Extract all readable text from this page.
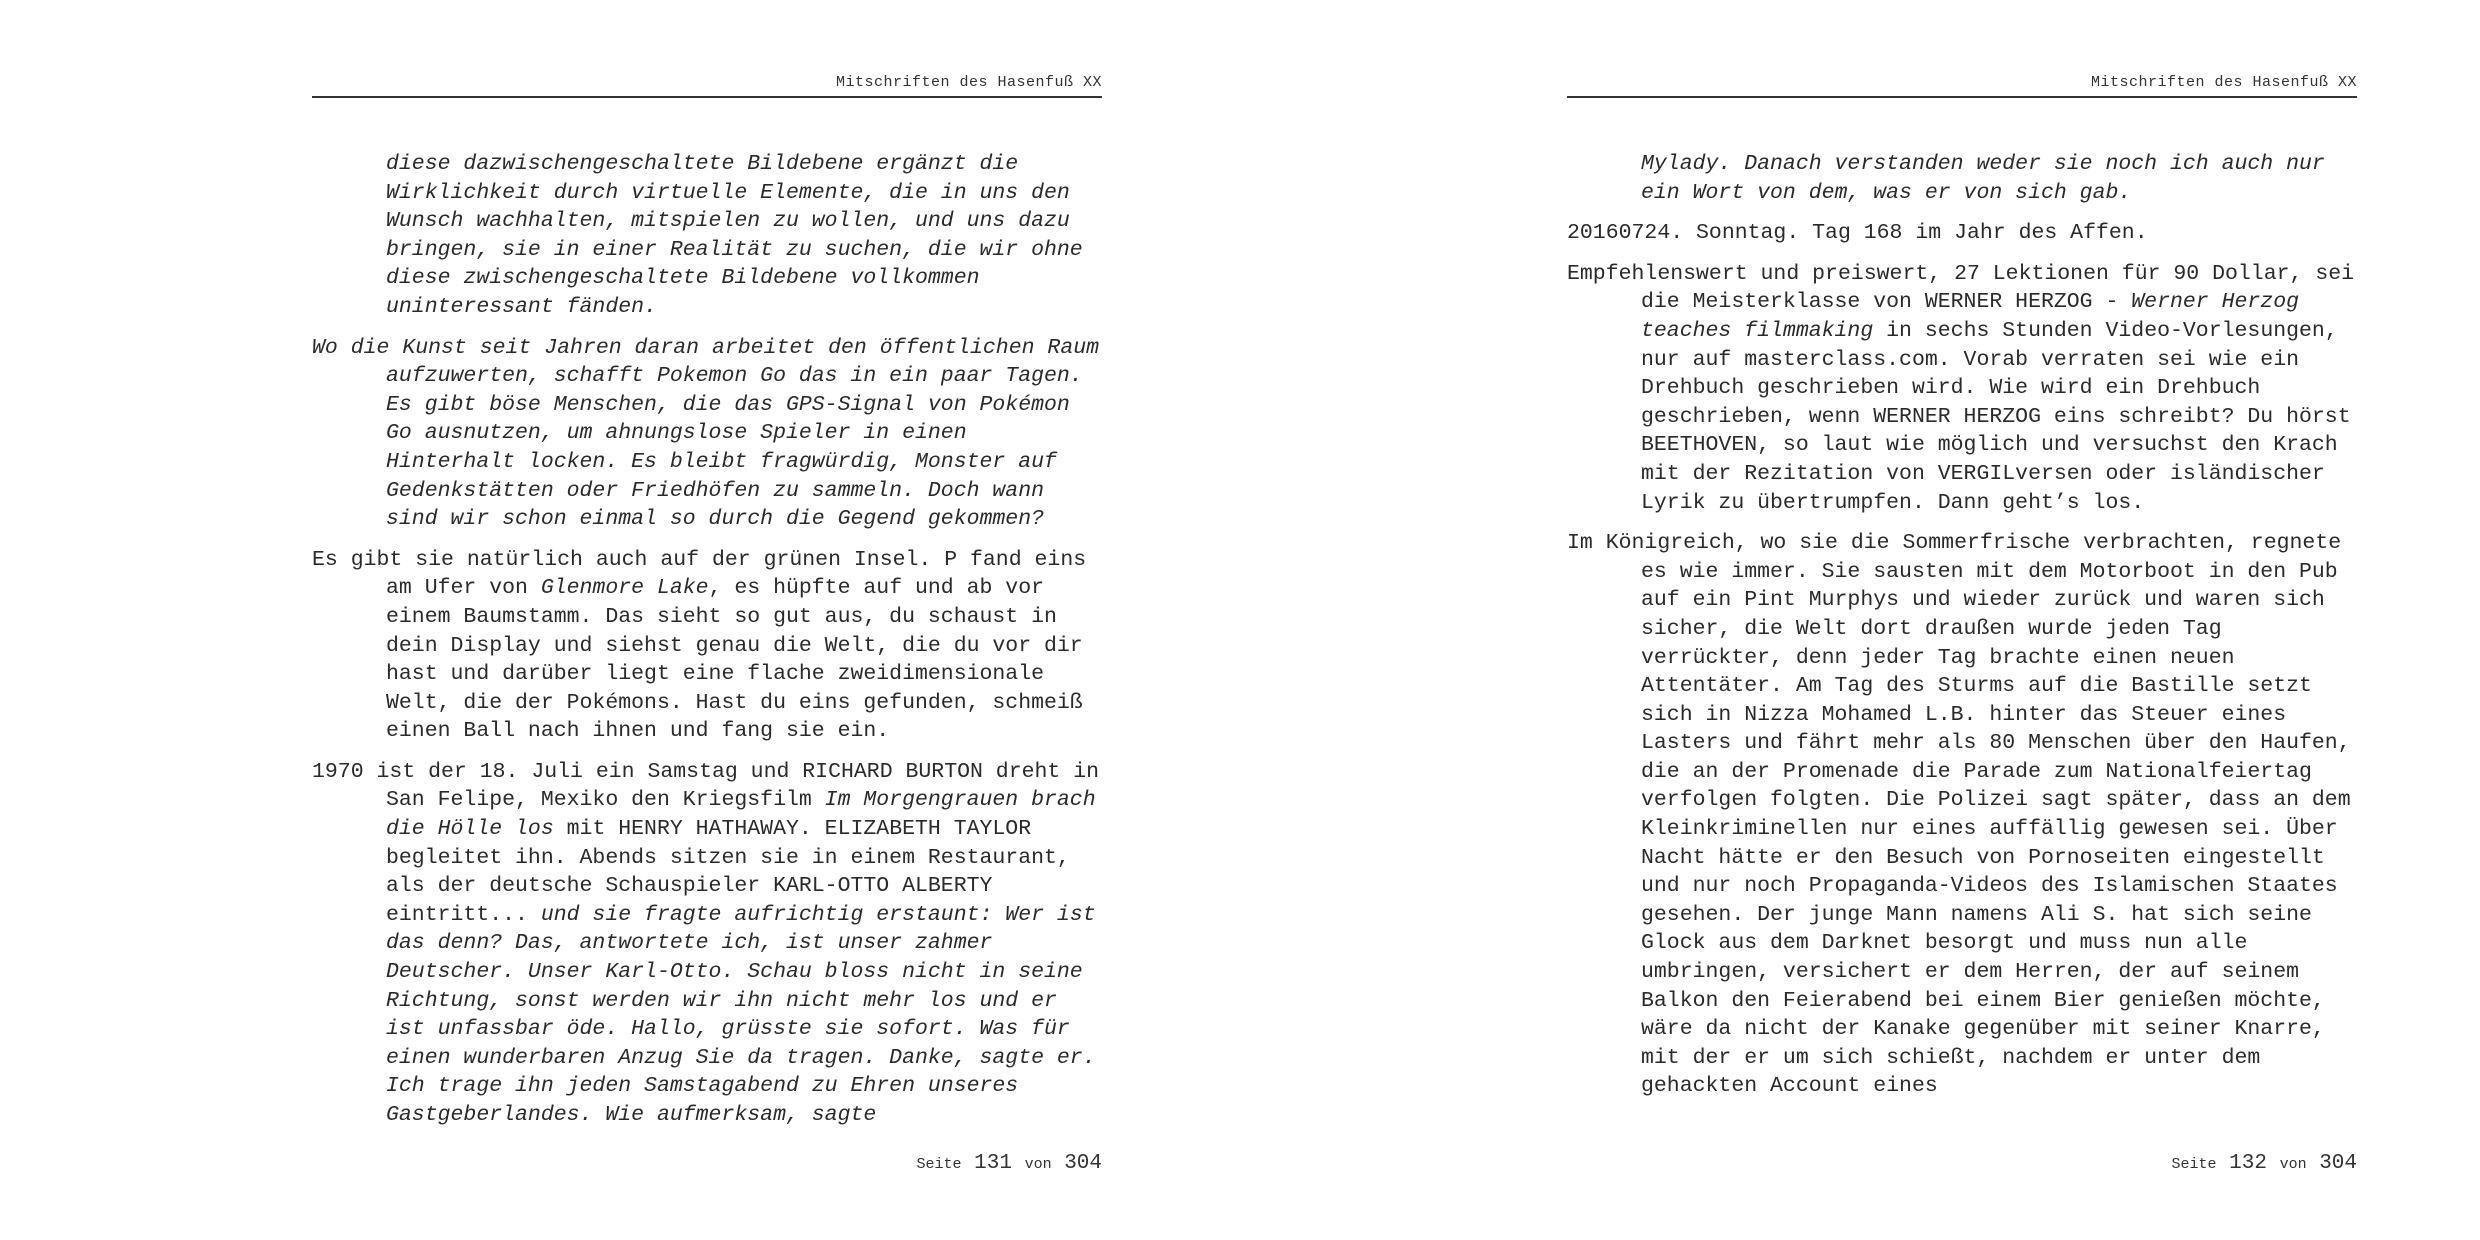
Mitschriften des Hasenfuß XX

diese dazwischengeschaltete Bildebene ergänzt die Wirklichkeit durch virtuelle Elemente, die in uns den Wunsch wachhalten, mitspielen zu wollen, und uns dazu bringen, sie in einer Realität zu suchen, die wir ohne diese zwischengeschaltete Bildebene vollkommen uninteressant fänden.

Wo die Kunst seit Jahren daran arbeitet den öffentlichen Raum aufzuwerten, schafft Pokemon Go das in ein paar Tagen. Es gibt böse Menschen, die das GPS-Signal von Pokémon Go ausnutzen, um ahnungslose Spieler in einen Hinterhalt locken. Es bleibt fragwürdig, Monster auf Gedenkstätten oder Friedhöfen zu sammeln. Doch wann sind wir schon einmal so durch die Gegend gekommen?

Es gibt sie natürlich auch auf der grünen Insel. P fand eins am Ufer von Glenmore Lake, es hüpfte auf und ab vor einem Baumstamm. Das sieht so gut aus, du schaust in dein Display und siehst genau die Welt, die du vor dir hast und darüber liegt eine flache zweidimensionale Welt, die der Pokémons. Hast du eins gefunden, schmeiß einen Ball nach ihnen und fang sie ein.

1970 ist der 18. Juli ein Samstag und RICHARD BURTON dreht in San Felipe, Mexiko den Kriegsfilm Im Morgengrauen brach die Hölle los mit HENRY HATHAWAY. ELIZABETH TAYLOR begleitet ihn. Abends sitzen sie in einem Restaurant, als der deutsche Schauspieler KARL-OTTO ALBERTY eintritt... und sie fragte aufrichtig erstaunt: Wer ist das denn? Das, antwortete ich, ist unser zahmer Deutscher. Unser Karl-Otto. Schau bloss nicht in seine Richtung, sonst werden wir ihn nicht mehr los und er ist unfassbar öde. Hallo, grüsste sie sofort. Was für einen wunderbaren Anzug Sie da tragen. Danke, sagte er. Ich trage ihn jeden Samstagabend zu Ehren unseres Gastgeberlandes. Wie aufmerksam, sagte

Seite 131 von 304
Mitschriften des Hasenfuß XX

Mylady. Danach verstanden weder sie noch ich auch nur ein Wort von dem, was er von sich gab.

20160724. Sonntag. Tag 168 im Jahr des Affen.

Empfehlenswert und preiswert, 27 Lektionen für 90 Dollar, sei die Meisterklasse von WERNER HERZOG - Werner Herzog teaches filmmaking in sechs Stunden Video-Vorlesungen, nur auf masterclass.com. Vorab verraten sei wie ein Drehbuch geschrieben wird. Wie wird ein Drehbuch geschrieben, wenn WERNER HERZOG eins schreibt? Du hörst BEETHOVEN, so laut wie möglich und versuchst den Krach mit der Rezitation von VERGILversen oder isländischer Lyrik zu übertrumpfen. Dann geht’s los.

Im Königreich, wo sie die Sommerfrische verbrachten, regnete es wie immer. Sie sausten mit dem Motorboot in den Pub auf ein Pint Murphys und wieder zurück und waren sich sicher, die Welt dort draußen wurde jeden Tag verrückter, denn jeder Tag brachte einen neuen Attentäter. Am Tag des Sturms auf die Bastille setzt sich in Nizza Mohamed L.B. hinter das Steuer eines Lasters und fährt mehr als 80 Menschen über den Haufen, die an der Promenade die Parade zum Nationalfeiertag verfolgen folgten. Die Polizei sagt später, dass an dem Kleinkriminellen nur eines auffällig gewesen sei. Über Nacht hätte er den Besuch von Pornoseiten eingestellt und nur noch Propaganda-Videos des Islamischen Staates gesehen. Der junge Mann namens Ali S. hat sich seine Glock aus dem Darknet besorgt und muss nun alle umbringen, versichert er dem Herren, der auf seinem Balkon den Feierabend bei einem Bier genießen möchte, wäre da nicht der Kanake gegenüber mit seiner Knarre, mit der er um sich schießt, nachdem er unter dem gehackten Account eines

Seite 132 von 304
